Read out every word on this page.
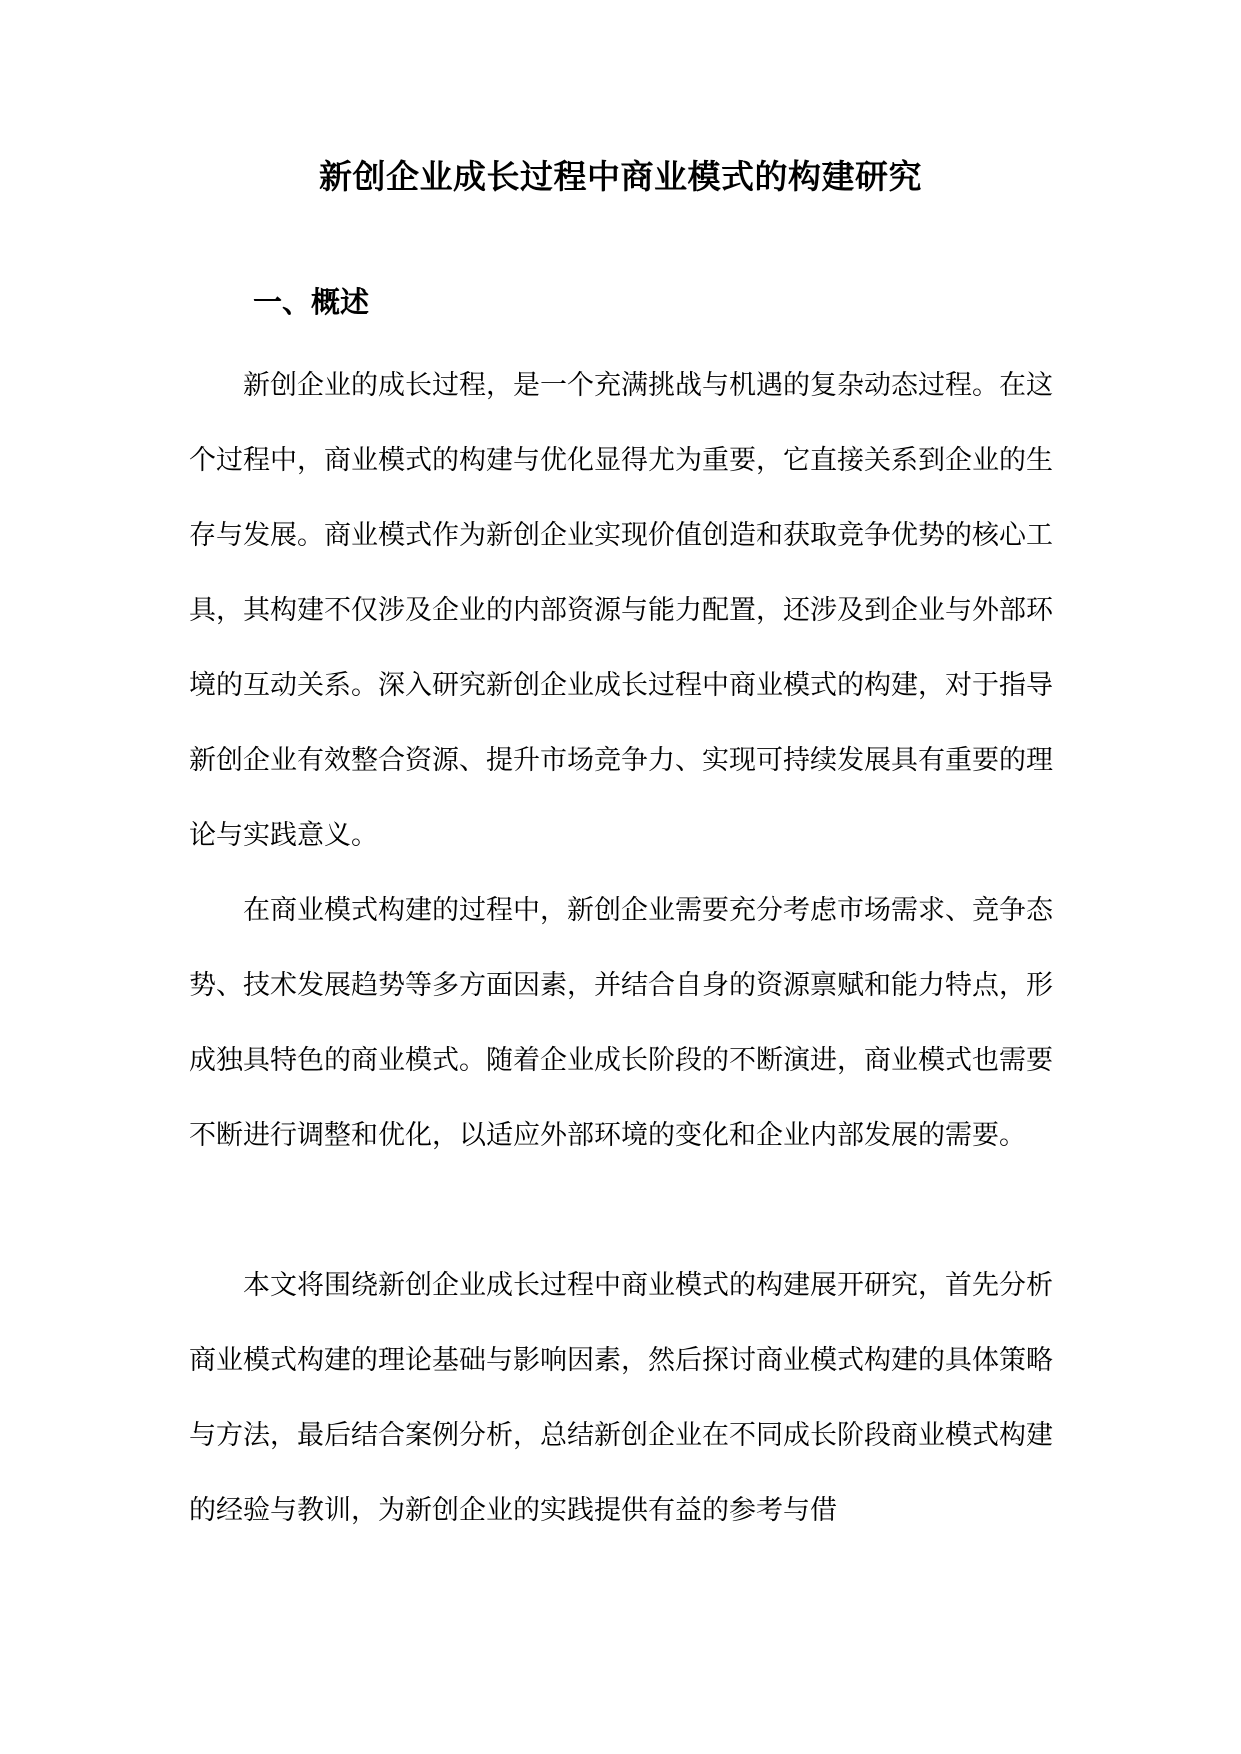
新创企业成长过程中商业模式的构建研究
一、概述

新创企业的成长过程，是一个充满挑战与机遇的复杂动态过程。在这个过程中，商业模式的构建与优化显得尤为重要，它直接关系到企业的生存与发展。商业模式作为新创企业实现价值创造和获取竞争优势的核心工具，其构建不仅涉及企业的内部资源与能力配置，还涉及到企业与外部环境的互动关系。深入研究新创企业成长过程中商业模式的构建，对于指导新创企业有效整合资源、提升市场竞争力、实现可持续发展具有重要的理论与实践意义。

在商业模式构建的过程中，新创企业需要充分考虑市场需求、竞争态势、技术发展趋势等多方面因素，并结合自身的资源禀赋和能力特点，形成独具特色的商业模式。随着企业成长阶段的不断演进，商业模式也需要不断进行调整和优化，以适应外部环境的变化和企业内部发展的需要。

本文将围绕新创企业成长过程中商业模式的构建展开研究，首先分析商业模式构建的理论基础与影响因素，然后探讨商业模式构建的具体策略与方法，最后结合案例分析，总结新创企业在不同成长阶段商业模式构建的经验与教训，为新创企业的实践提供有益的参考与借
